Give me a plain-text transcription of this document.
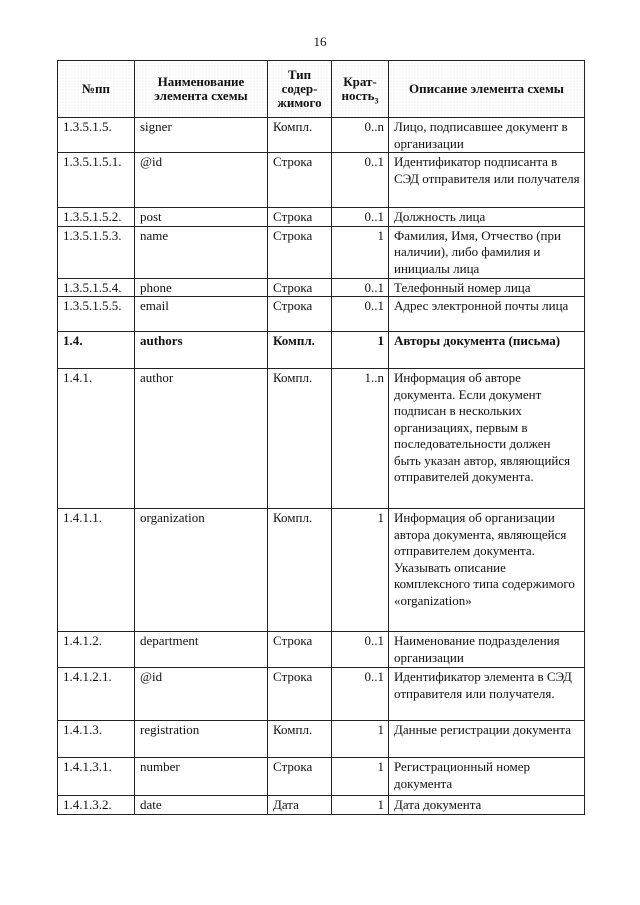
16
№пп	Наименование элемента схемы	Тип содер-жимого	Крат-ность$_3$	Описание элемента схемы
1.3.5.1.5.	signer	Компл.	0..n	Лицо, подписавшее документ в организации
1.3.5.1.5.1.	@id	Строка	0..1	Идентификатор подписанта в СЭД отправителя или получателя
1.3.5.1.5.2.	post	Строка	0..1	Должность лица
1.3.5.1.5.3.	name	Строка	1	Фамилия, Имя, Отчество (при наличии), либо фамилия и инициалы лица
1.3.5.1.5.4.	phone	Строка	0..1	Телефонный номер лица
1.3.5.1.5.5.	email	Строка	0..1	Адрес электронной почты лица
1.4.	authors	Компл.	1	Авторы документа (письма)
1.4.1.	author	Компл.	1..n	Информация об авторе документа. Если документ подписан в нескольких организациях, первым в последовательности должен быть указан автор, являющийся отправителей документа.
1.4.1.1.	organization	Компл.	1	Информация об организации автора документа, являющейся отправителем документа. Указывать описание комплексного типа содержимого «organization»
1.4.1.2.	department	Строка	0..1	Наименование подразделения организации
1.4.1.2.1.	@id	Строка	0..1	Идентификатор элемента в СЭД отправителя или получателя.
1.4.1.3.	registration	Компл.	1	Данные регистрации документа
1.4.1.3.1.	number	Строка	1	Регистрационный номер документа
1.4.1.3.2.	date	Дата	1	Дата документа
